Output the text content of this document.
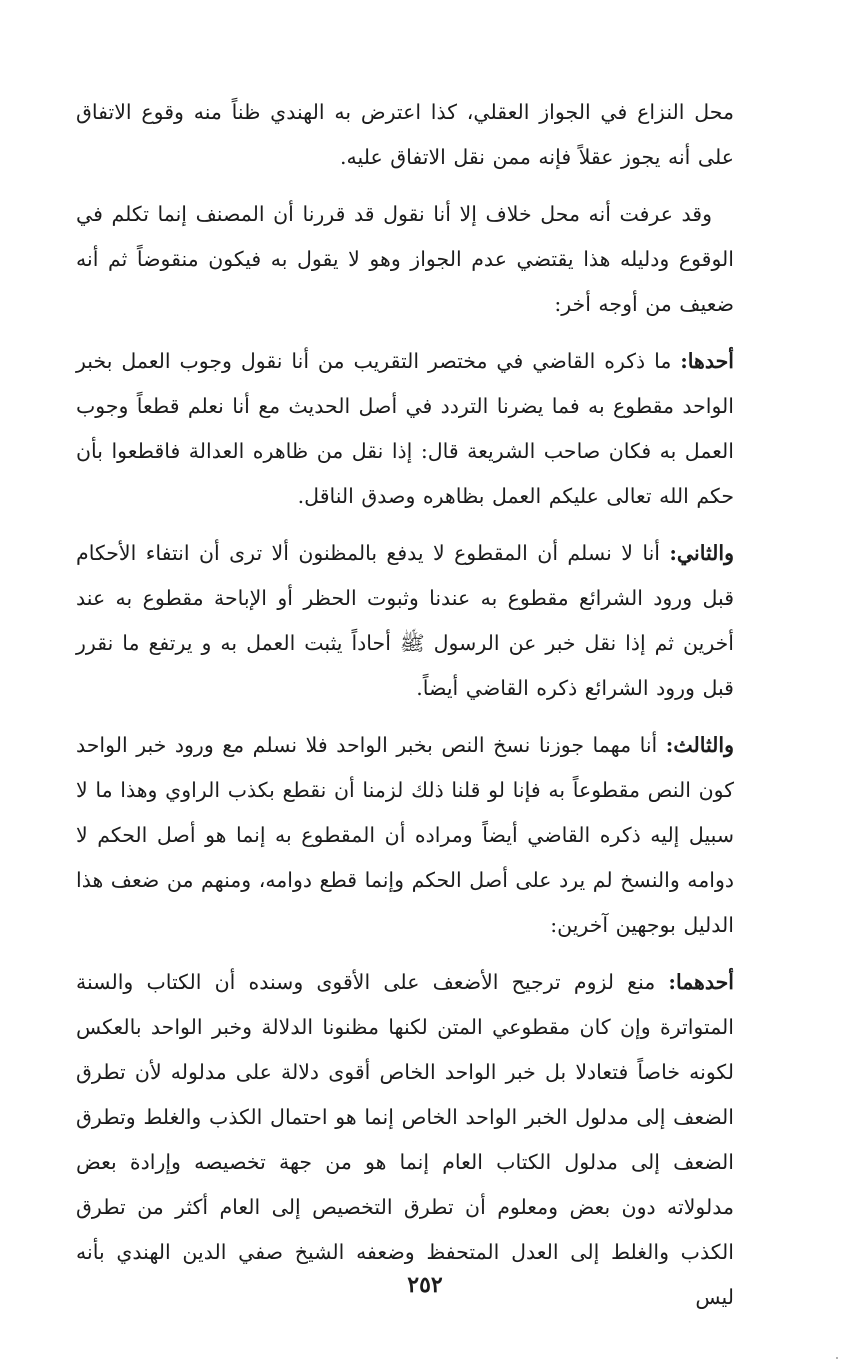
محل النزاع في الجواز العقلي، كذا اعترض به الهندي ظناً منه وقوع الاتفاق على أنه يجوز عقلاً فإنه ممن نقل الاتفاق عليه.

وقد عرفت أنه محل خلاف إلا أنا نقول قد قررنا أن المصنف إنما تكلم في الوقوع ودليله هذا يقتضي عدم الجواز وهو لا يقول به فيكون منقوضاً ثم أنه ضعيف من أوجه أخر:

أحدها: ما ذكره القاضي في مختصر التقريب من أنا نقول وجوب العمل بخبر الواحد مقطوع به فما يضرنا التردد في أصل الحديث مع أنا نعلم قطعاً وجوب العمل به فكان صاحب الشريعة قال: إذا نقل من ظاهره العدالة فاقطعوا بأن حكم الله تعالى عليكم العمل بظاهره وصدق الناقل.

والثاني: أنا لا نسلم أن المقطوع لا يدفع بالمظنون ألا ترى أن انتفاء الأحكام قبل ورود الشرائع مقطوع به عندنا وثبوت الحظر أو الإباحة مقطوع به عند أخرين ثم إذا نقل خبر عن الرسول ﷺ أحاداً يثبت العمل به و يرتفع ما نقرر قبل ورود الشرائع ذكره القاضي أيضاً.

والثالث: أنا مهما جوزنا نسخ النص بخبر الواحد فلا نسلم مع ورود خبر الواحد كون النص مقطوعاً به فإنا لو قلنا ذلك لزمنا أن نقطع بكذب الراوي وهذا ما لا سبيل إليه ذكره القاضي أيضاً ومراده أن المقطوع به إنما هو أصل الحكم لا دوامه والنسخ لم يرد على أصل الحكم وإنما قطع دوامه، ومنهم من ضعف هذا الدليل بوجهين آخرين:

أحدهما: منع لزوم ترجيح الأضعف على الأقوى وسنده أن الكتاب والسنة المتواترة وإن كان مقطوعي المتن لكنها مظنونا الدلالة وخبر الواحد بالعكس لكونه خاصاً فتعادلا بل خبر الواحد الخاص أقوى دلالة على مدلوله لأن تطرق الضعف إلى مدلول الخبر الواحد الخاص إنما هو احتمال الكذب والغلط وتطرق الضعف إلى مدلول الكتاب العام إنما هو من جهة تخصيصه وإرادة بعض مدلولاته دون بعض ومعلوم أن تطرق التخصيص إلى العام أكثر من تطرق الكذب والغلط إلى العدل المتحفظ وضعفه الشيخ صفي الدين الهندي بأنه ليس

٢٥٢
